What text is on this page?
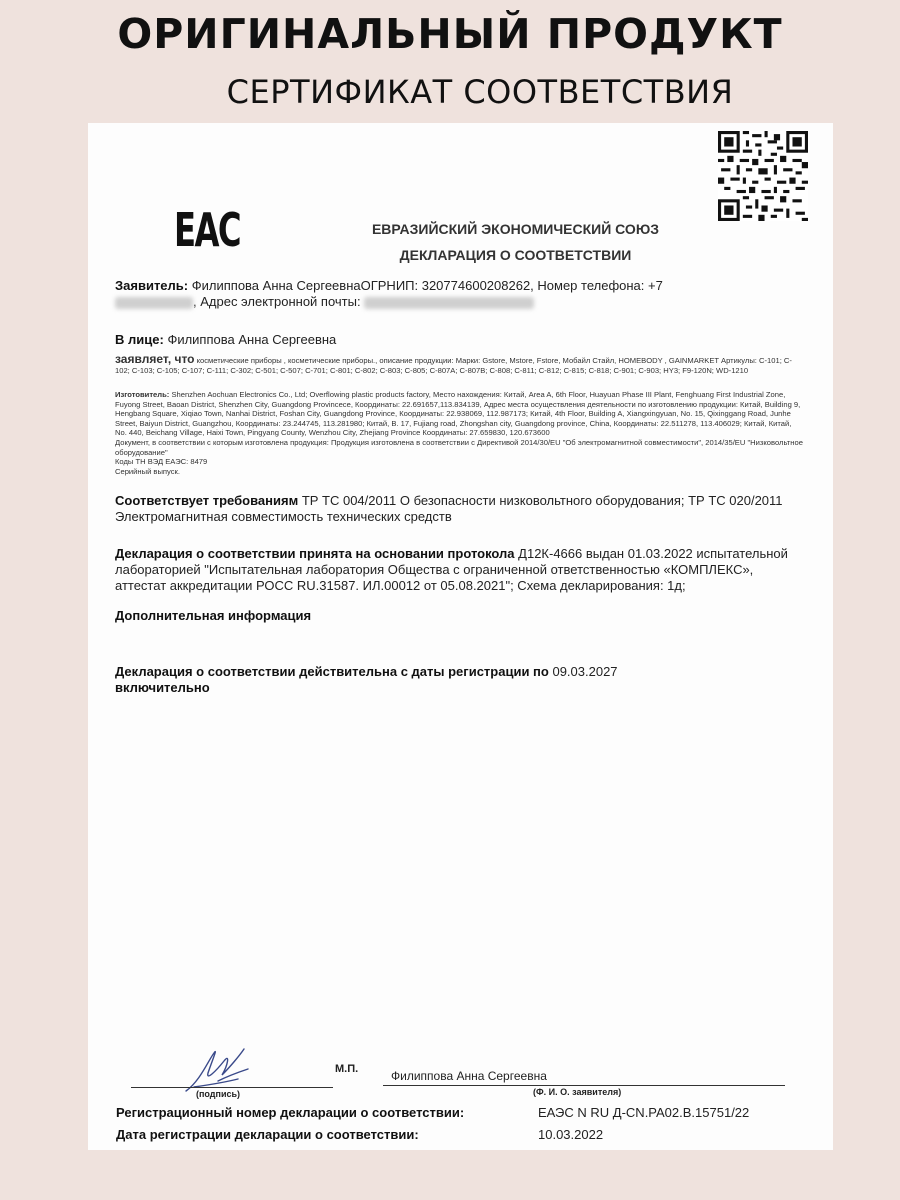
ОРИГИНАЛЬНЫЙ ПРОДУКТ
СЕРТИФИКАТ СООТВЕТСТВИЯ
ЕАС	ЕВРАЗИЙСКИЙ ЭКОНОМИЧЕСКИЙ СОЮЗ
ДЕКЛАРАЦИЯ О СООТВЕТСТВИИ
Заявитель: Филиппова Анна СергеевнаОГРНИП: 320774600208262, Номер телефона: +7
, Адрес электронной почты:
В лице: Филиппова Анна Сергеевна
заявляет, что косметические приборы , косметические приборы., описание продукции: Марки: Gstore, Mstore, Fstore, Мобайл Стайл, HOMEBODY , GAINMARKET Артикулы: C-101; C-102; C-103; C-105; C-107; C-111; C-302; C-501; C-507; C-701; C-801; C-802; C-803; C-805; C-807A; C-807B; C-808; C-811; C-812; C-815; C-818; C-901; C-903; HY3; F9-120N; WD-1210
Изготовитель: Shenzhen Aochuan Electronics Co., Ltd; Overflowing plastic products factory, Место нахождения: Китай, Area A, 6th Floor, Huayuan Phase III Plant, Fenghuang First Industrial Zone, Fuyong Street, Baoan District, Shenzhen City, Guangdong Provinceсе, Координаты: 22.691657,113.834139, Адрес места осуществления деятельности по изготовлению продукции: Китай, Building 9, Hengbang Square, Xiqiao Town, Nanhai District, Foshan City, Guangdong Province, Координаты: 22.938069, 112.987173; Китай, 4th Floor, Building A, Xiangxingyuan, No. 15, Qixinggang Road, Junhe Street, Baiyun District, Guangzhou, Координаты: 23.244745, 113.281980; Китай, B. 17, Fujiang road, Zhongshan city, Guangdong province, China, Координаты: 22.511278, 113.406029; Китай, Китай, No. 440, Beichang Village, Haixi Town, Pingyang County, Wenzhou City, Zhejiang Province Координаты: 27.659830, 120.673600
Документ, в соответствии с которым изготовлена продукция: Продукция изготовлена в соответствии с Директивой 2014/30/EU "Об электромагнитной совместимости", 2014/35/EU "Низковольтное оборудование"
Коды ТН ВЭД ЕАЭС: 8479
Серийный выпуск.
Соответствует требованиям ТР ТС 004/2011 О безопасности низковольтного оборудования; ТР ТС 020/2011 Электромагнитная совместимость технических средств
Декларация о соответствии принята на основании протокола Д12К-4666 выдан 01.03.2022 испытательной лабораторией "Испытательная лаборатория Общества с ограниченной ответственностью «КОМПЛЕКС», аттестат аккредитации РОСС RU.31587. ИЛ.00012 от 05.08.2021"; Схема декларирования: 1д;
Дополнительная информация
Декларация о соответствии действительна с даты регистрации по 09.03.2027
включительно
М.П.	Филиппова Анна Сергеевна
(подпись)	(Ф. И. О. заявителя)
Регистрационный номер декларации о соответствии:	ЕАЭС N RU Д-CN.PA02.B.15751/22
Дата регистрации декларации о соответствии:	10.03.2022
